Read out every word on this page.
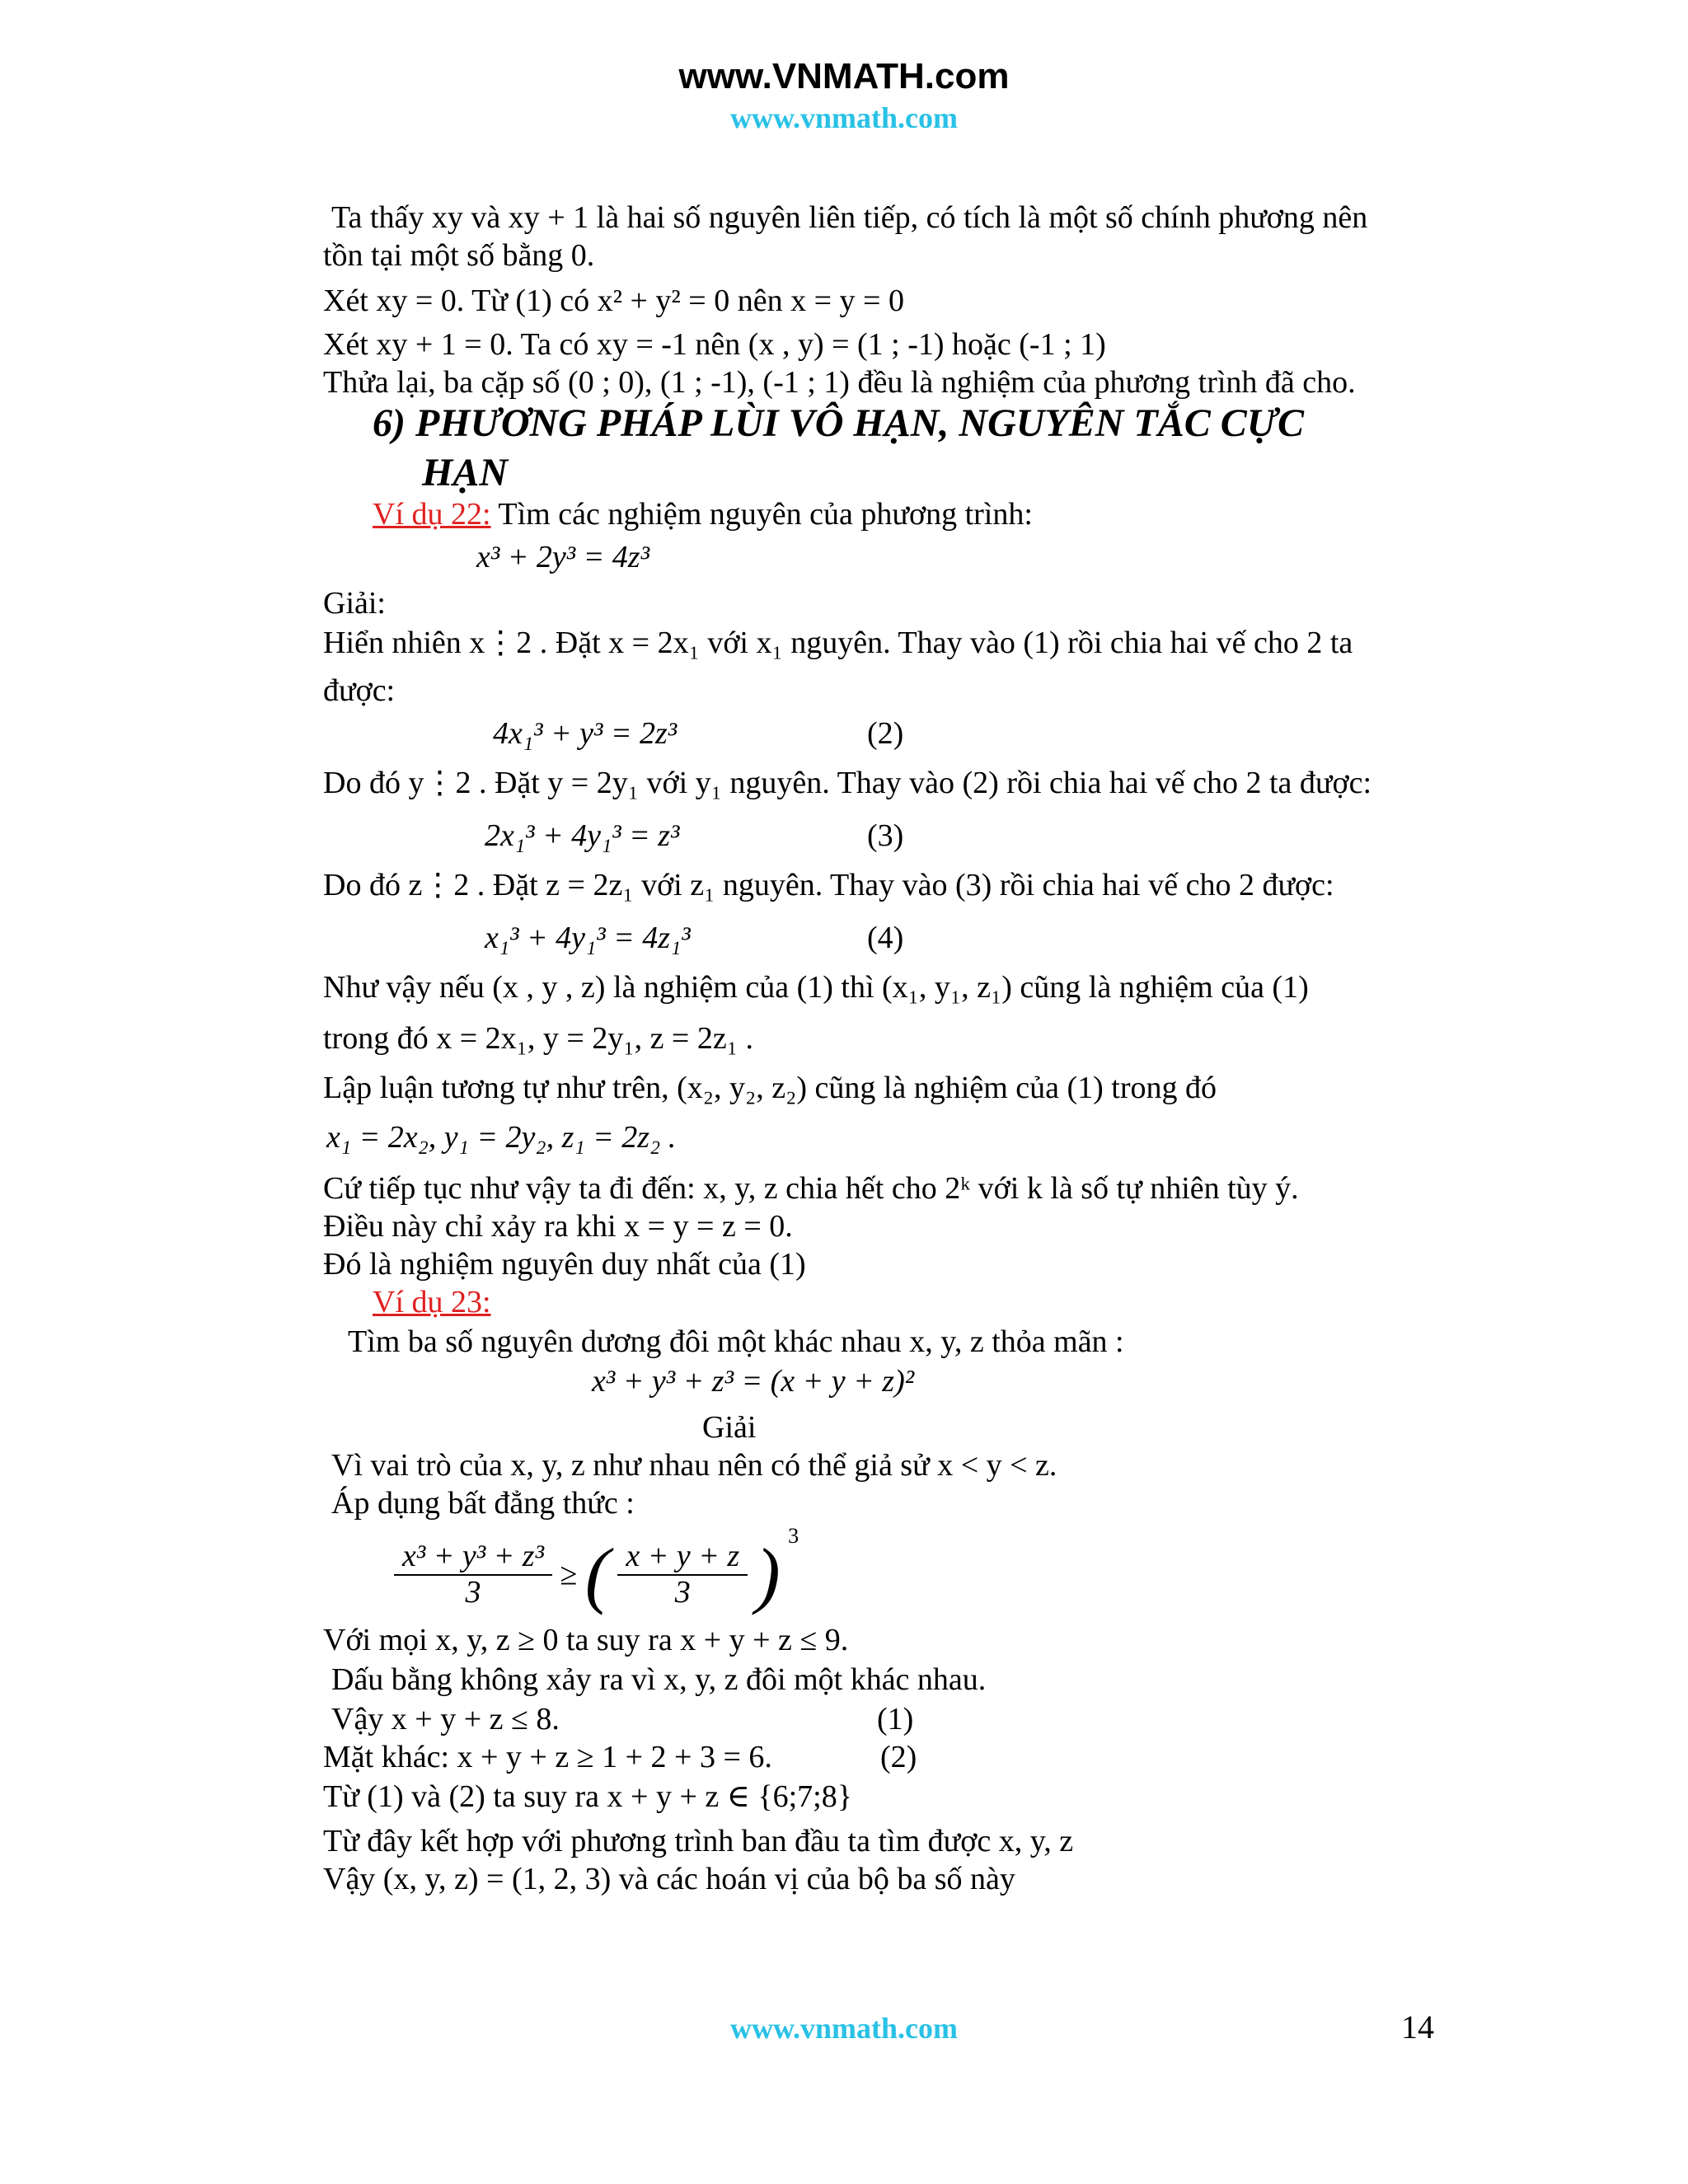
www.VNMATH.com
www.vnmath.com
Ta thấy xy và xy + 1 là hai số nguyên liên tiếp, có tích là một số chính phương nên
tồn tại một số bằng 0.
Xét xy = 0. Từ (1) có x² + y² = 0 nên x = y = 0
Xét xy + 1 = 0. Ta có xy = -1 nên (x , y) = (1 ; -1) hoặc (-1 ; 1)
Thửa lại, ba cặp số (0 ; 0), (1 ; -1), (-1 ; 1) đều là nghiệm của phương trình đã cho.
6) PHƯƠNG PHÁP LÙI VÔ HẠN, NGUYÊN TẮC CỰC
HẠN
Ví dụ 22: Tìm các nghiệm nguyên của phương trình:
x³ + 2y³ = 4z³
Giải:
Hiển nhiên x⋮2 . Đặt x = 2x₁ với x₁ nguyên. Thay vào (1) rồi chia hai vế cho 2 ta
được:
4x₁³ + y³ = 2z³	(2)
Do đó y⋮2 . Đặt y = 2y₁ với y₁ nguyên. Thay vào (2) rồi chia hai vế cho 2 ta được:
2x₁³ + 4y₁³ = z³	(3)
Do đó z⋮2 . Đặt z = 2z₁ với z₁ nguyên. Thay vào (3) rồi chia hai vế cho 2 được:
x₁³ + 4y₁³ = 4z₁³	(4)
Như vậy nếu (x , y , z) là nghiệm của (1) thì (x₁, y₁, z₁) cũng là nghiệm của (1)
trong đó x = 2x₁, y = 2y₁, z = 2z₁ .
Lập luận tương tự như trên, (x₂, y₂, z₂) cũng là nghiệm của (1) trong đó
x₁ = 2x₂, y₁ = 2y₂, z₁ = 2z₂ .
Cứ tiếp tục như vậy ta đi đến: x, y, z chia hết cho 2ᵏ với k là số tự nhiên tùy ý.
Điều này chỉ xảy ra khi x = y = z = 0.
Đó là nghiệm nguyên duy nhất của (1)
Ví dụ 23:
Tìm ba số nguyên dương đôi một khác nhau x, y, z thỏa mãn :
x³ + y³ + z³ = (x + y + z)²
Giải
Vì vai trò của x, y, z như nhau nên có thể giả sử x < y < z.
Áp dụng bất đẳng thức :
$\frac{\text{x³ + y³ + z³}}{3}$ ≥ ( $\frac{x + y + z}{3}$ ) $^3$
Với mọi x, y, z ≥ 0 ta suy ra x + y + z ≤ 9.
Dấu bằng không xảy ra vì x, y, z đôi một khác nhau.
Vậy x + y + z ≤ 8.	(1)
Mặt khác: x + y + z ≥ 1 + 2 + 3 = 6.	(2)
Từ (1) và (2) ta suy ra x + y + z ∈ {6;7;8}
Từ đây kết hợp với phương trình ban đầu ta tìm được x, y, z
Vậy (x, y, z) = (1, 2, 3) và các hoán vị của bộ ba số này
www.vnmath.com	14
